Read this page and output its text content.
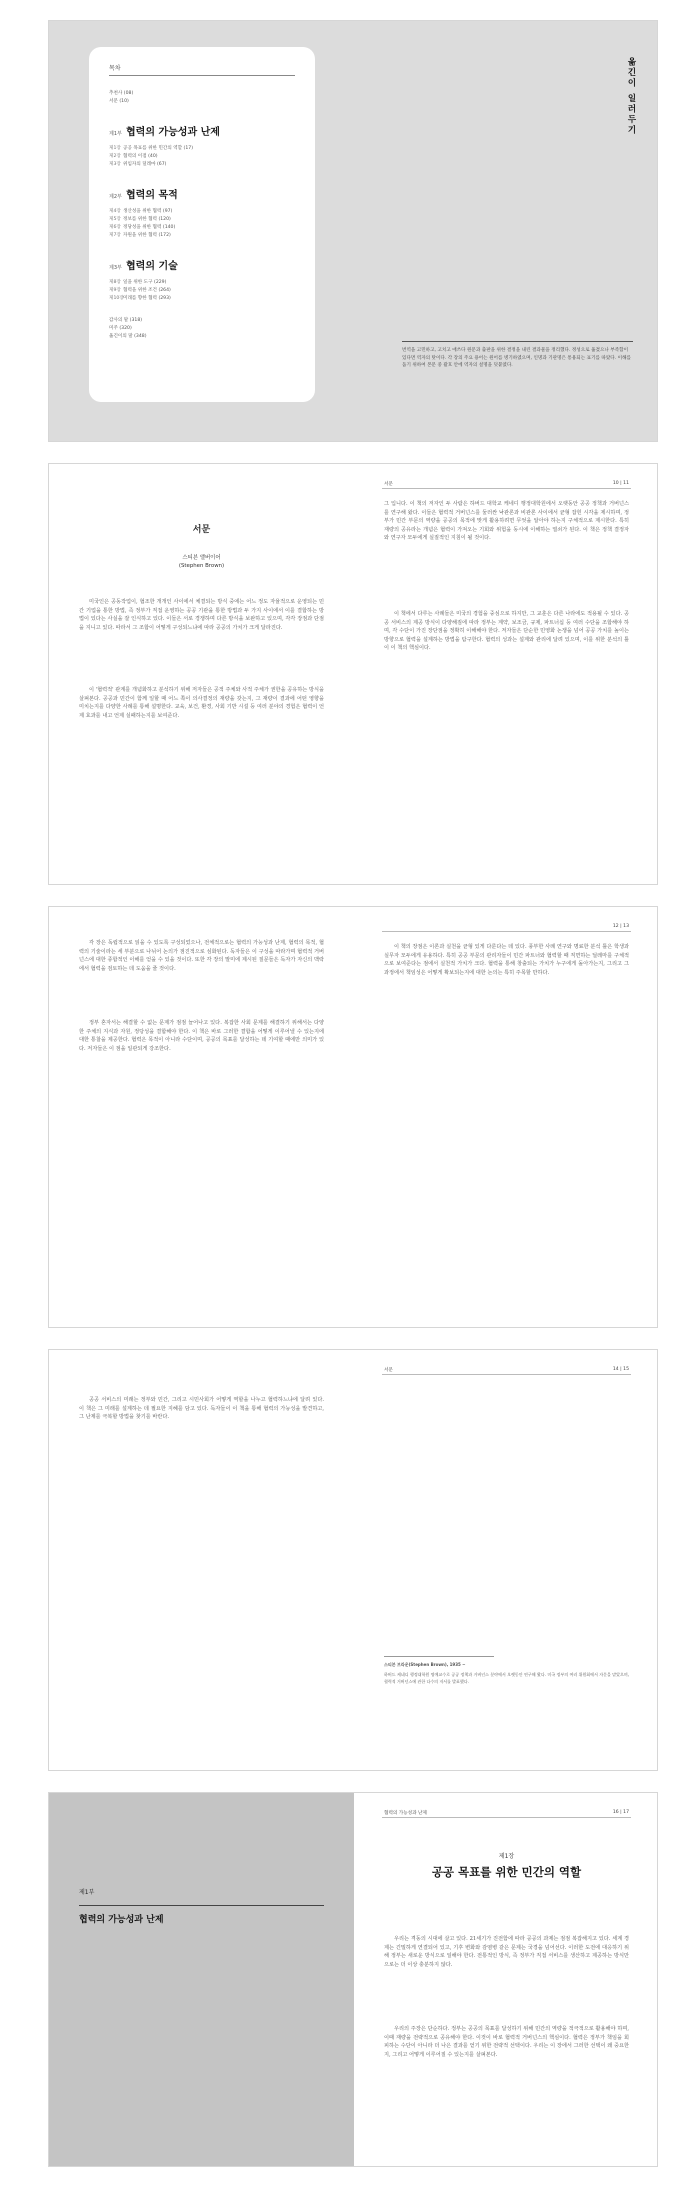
목차
추천사 (08)
서문 (10)
제1부 협력의 가능성과 난제
제1장 공공 목표를 위한 민간의 역할 (17)
제2장 협력의 이점 (40)
제3장 위임자의 딜레마 (67)
제2부 협력의 목적
제4장 생산성을 위한 협력 (97)
제5장 정보를 위한 협력 (120)
제6장 정당성을 위한 협력 (140)
제7장 자원을 위한 협력 (172)
제3부 협력의 기술
제8장 일을 위한 도구 (229)
제9장 협력을 위한 조건 (264)
제10장미래를 향한 협력 (293)
감사의 말 (318)
미주 (320)
옮긴이의 말 (348)
옮긴이 일러두기
번역을 고민하고, 고치고 애쓰다 원문과 출판을 위한 결정을 내린 결과물을 정리했다. 정성으로 옮겼으나 부족함이 있다면 역자의 탓이다. 각 장의 주요 용어는 원어를 병기하였으며, 인명과 기관명은 통용되는 표기를 따랐다. 이해를 돕기 위하여 본문 중 괄호 안에 역자의 설명을 덧붙였다.
서문
스티븐 앨버이어
(Stephen Brown)
미국인은 공동작업이, 협조한 개개인 사이에서 체결되는 방식 중에는 어느 정도 자율적으로 운영되는 민간 기업을 통한 방법, 즉 정부가 직접 운영하는 공공 기관을 통한 방법과 두 가지 사이에서 이를 결합하는 방법이 있다는 사실을 잘 인식하고 있다. 이들은 서로 경쟁하며 다른 방식을 보완하고 있으며, 각각 장점과 단점을 지니고 있다. 따라서 그 조합이 어떻게 구성되느냐에 따라 공공의 가치가 크게 달라진다.
이 '협력적' 관계를 개념화하고 분석하기 위해 저자들은 공적 주체와 사적 주체가 권한을 공유하는 방식을 살펴본다. 공공과 민간이 함께 일할 때 어느 쪽이 의사결정의 재량을 갖는지, 그 재량이 결과에 어떤 영향을 미치는지를 다양한 사례를 통해 설명한다. 교육, 보건, 환경, 사회 기반 시설 등 여러 분야의 경험은 협력이 언제 효과를 내고 언제 실패하는지를 보여준다.
서문	10 | 11
그 입니다. 이 책의 저자인 두 사람은 하버드 대학교 케네디 행정대학원에서 오랫동안 공공 정책과 거버넌스를 연구해 왔다. 이들은 협력적 거버넌스를 둘러싼 낙관론과 비관론 사이에서 균형 잡힌 시각을 제시하며, 정부가 민간 부문의 역량을 공공의 목적에 맞게 활용하려면 무엇을 알아야 하는지 구체적으로 제시한다. 특히 재량의 공유라는 개념은 협력이 가져오는 기회와 위험을 동시에 이해하는 열쇠가 된다. 이 책은 정책 결정자와 연구자 모두에게 실질적인 지침이 될 것이다.
이 책에서 다루는 사례들은 미국의 경험을 중심으로 하지만, 그 교훈은 다른 나라에도 적용될 수 있다. 공공 서비스의 제공 방식이 다양해짐에 따라 정부는 계약, 보조금, 규제, 파트너십 등 여러 수단을 조합해야 하며, 각 수단이 가진 장단점을 정확히 이해해야 한다. 저자들은 단순한 민영화 논쟁을 넘어 공공 가치를 높이는 방향으로 협력을 설계하는 방법을 탐구한다. 협력의 성과는 설계와 관리에 달려 있으며, 이를 위한 분석의 틀이 이 책의 핵심이다.
각 장은 독립적으로 읽을 수 있도록 구성되었으나, 전체적으로는 협력의 가능성과 난제, 협력의 목적, 협력의 기술이라는 세 부분으로 나뉘어 논의가 점진적으로 심화된다. 독자들은 이 구성을 따라가며 협력적 거버넌스에 대한 종합적인 이해를 얻을 수 있을 것이다. 또한 각 장의 말미에 제시된 질문들은 독자가 자신의 맥락에서 협력을 검토하는 데 도움을 줄 것이다.
정부 혼자서는 해결할 수 없는 문제가 점점 늘어나고 있다. 복잡한 사회 문제를 해결하기 위해서는 다양한 주체의 지식과 자원, 정당성을 결합해야 한다. 이 책은 바로 그러한 결합을 어떻게 이루어낼 수 있는지에 대한 통찰을 제공한다. 협력은 목적이 아니라 수단이며, 공공의 목표를 달성하는 데 기여할 때에만 의미가 있다. 저자들은 이 점을 일관되게 강조한다.
12 | 13
이 책의 장점은 이론과 실천을 균형 있게 다룬다는 데 있다. 풍부한 사례 연구와 명료한 분석 틀은 학생과 실무자 모두에게 유용하다. 특히 공공 부문의 관리자들이 민간 파트너와 협력할 때 직면하는 딜레마를 구체적으로 보여준다는 점에서 실천적 가치가 크다. 협력을 통해 창출되는 가치가 누구에게 돌아가는지, 그리고 그 과정에서 책임성은 어떻게 확보되는지에 대한 논의는 특히 주목할 만하다.
공공 서비스의 미래는 정부와 민간, 그리고 시민사회가 어떻게 역할을 나누고 협력하느냐에 달려 있다. 이 책은 그 미래를 설계하는 데 필요한 지혜를 담고 있다. 독자들이 이 책을 통해 협력의 가능성을 발견하고, 그 난제를 극복할 방법을 찾기를 바란다.
서문	14 | 15
스티븐 브라운(Stephen Brown), 1935 ~
하버드 케네디 행정대학원 명예교수로 공공 정책과 거버넌스 분야에서 오랫동안 연구해 왔다. 미국 정부의 여러 위원회에서 자문을 맡았으며, 협력적 거버넌스에 관한 다수의 저서를 발표했다.
제1부
협력의 가능성과 난제
협력의 가능성과 난제	16 | 17
제1장
공공 목표를 위한 민간의 역할
우리는 격동의 시대에 살고 있다. 21세기가 진전함에 따라 공공의 과제는 점점 복잡해지고 있다. 세계 경제는 긴밀하게 연결되어 있고, 기후 변화와 감염병 같은 문제는 국경을 넘어선다. 이러한 도전에 대응하기 위해 정부는 새로운 방식으로 일해야 한다. 전통적인 방식, 즉 정부가 직접 서비스를 생산하고 제공하는 방식만으로는 더 이상 충분하지 않다.
우리의 주장은 단순하다. 정부는 공공의 목표를 달성하기 위해 민간의 역량을 적극적으로 활용해야 하며, 이때 재량을 전략적으로 공유해야 한다. 이것이 바로 협력적 거버넌스의 핵심이다. 협력은 정부가 책임을 회피하는 수단이 아니라 더 나은 결과를 얻기 위한 전략적 선택이다. 우리는 이 장에서 그러한 선택이 왜 중요한지, 그리고 어떻게 이루어질 수 있는지를 살펴본다.
